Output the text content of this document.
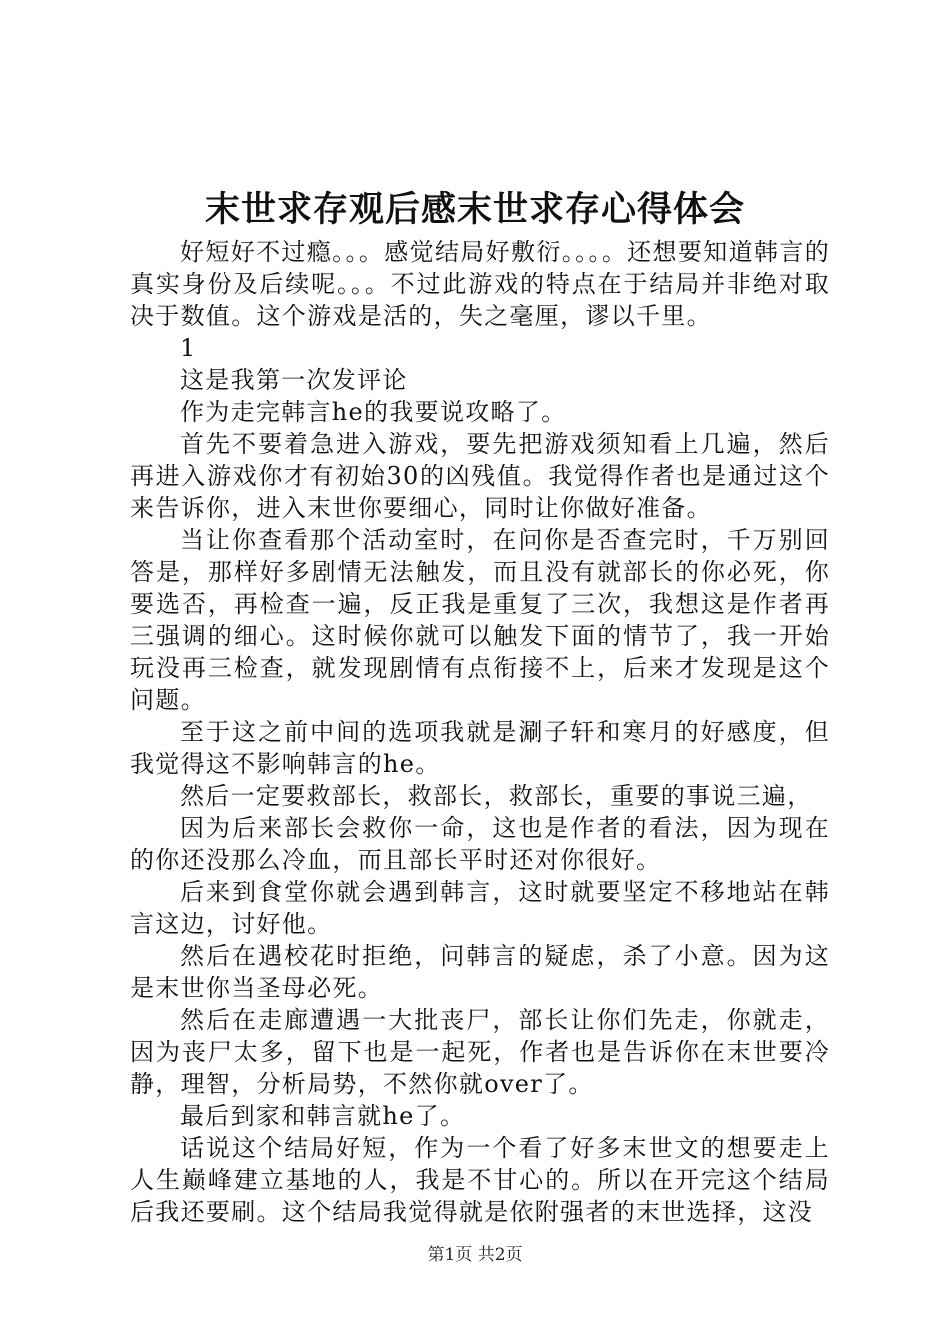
末世求存观后感末世求存心得体会

好短好不过瘾。。。感觉结局好敷衍。。。。还想要知道韩言的真实身份及后续呢。。。不过此游戏的特点在于结局并非绝对取决于数值。这个游戏是活的，失之毫厘，谬以千里。

1

这是我第一次发评论

作为走完韩言he的我要说攻略了。

首先不要着急进入游戏，要先把游戏须知看上几遍，然后再进入游戏你才有初始30的凶残值。我觉得作者也是通过这个来告诉你，进入末世你要细心，同时让你做好准备。

当让你查看那个活动室时，在问你是否查完时，千万别回答是，那样好多剧情无法触发，而且没有就部长的你必死，你要选否，再检查一遍，反正我是重复了三次，我想这是作者再三强调的细心。这时候你就可以触发下面的情节了，我一开始玩没再三检查，就发现剧情有点衔接不上，后来才发现是这个问题。

至于这之前中间的选项我就是涮子轩和寒月的好感度，但我觉得这不影响韩言的he。

然后一定要救部长，救部长，救部长，重要的事说三遍，

因为后来部长会救你一命，这也是作者的看法，因为现在的你还没那么冷血，而且部长平时还对你很好。

后来到食堂你就会遇到韩言，这时就要坚定不移地站在韩言这边，讨好他。

然后在遇校花时拒绝，问韩言的疑虑，杀了小意。因为这是末世你当圣母必死。

然后在走廊遭遇一大批丧尸，部长让你们先走，你就走，因为丧尸太多，留下也是一起死，作者也是告诉你在末世要冷静，理智，分析局势，不然你就over了。

最后到家和韩言就he了。

话说这个结局好短，作为一个看了好多末世文的想要走上人生巅峰建立基地的人，我是不甘心的。所以在开完这个结局后我还要刷。这个结局我觉得就是依附强者的末世选择，这没

第1页 共2页
